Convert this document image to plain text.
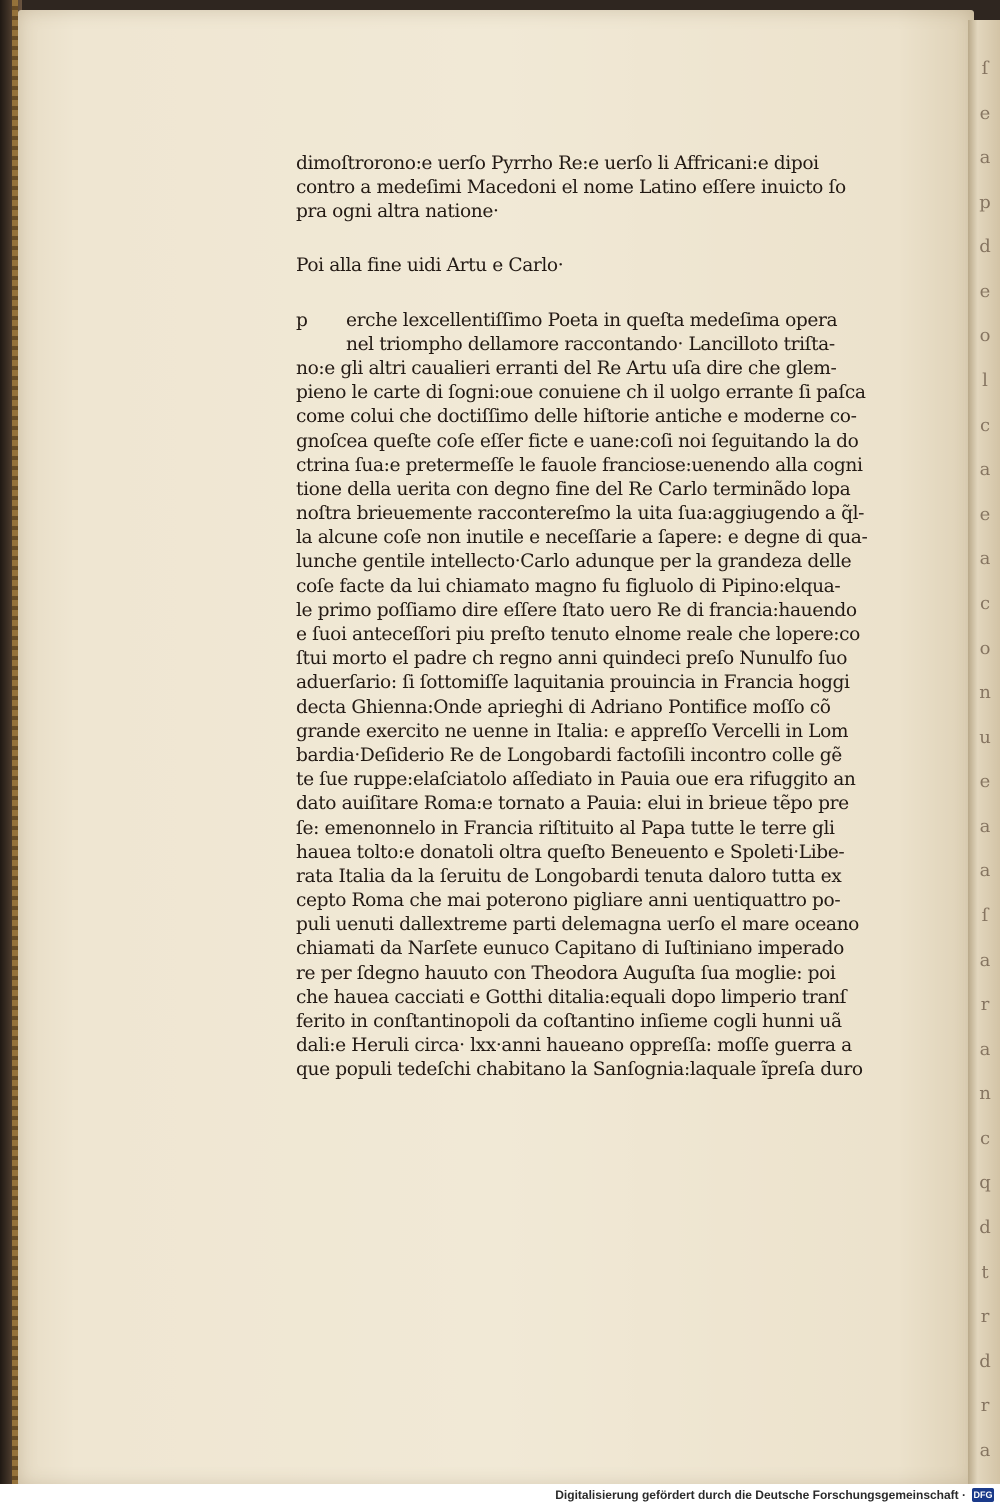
ſ
e
a
p
d
e
o
l
c
a
e
a
c
o
n
u
e
a
a
ſ
a
r
a
n
c
q
d
t
r
d
r
a
dimoſtrorono:e uerſo Pyrrho Re:e uerſo li Affricani:e dipoi
contro a medeſimi Macedoni el nome Latino eſſere inuicto ſo
pra ogni altra natione·
Poi alla fine uidi Artu e Carlo·
p erche lexcellentiſſimo Poeta in queſta medeſima opera
nel triompho dellamore raccontando· Lancilloto triſta-
no:e gli altri caualieri erranti del Re Artu uſa dire che glem-
pieno le carte di ſogni:oue conuiene ch il uolgo errante ſi paſca
come colui che doctiſſimo delle hiſtorie antiche e moderne co-
gnoſcea queſte coſe eſſer ficte e uane:coſi noi ſeguitando la do
ctrina ſua:e pretermeſſe le fauole franciose:uenendo alla cogni
tione della uerita con degno fine del Re Carlo terminãdo lopa
noſtra brieuemente raccontereſmo la uita ſua:aggiugendo a q̃l-
la alcune coſe non inutile e neceſſarie a ſapere: e degne di qua-
lunche gentile intellecto·Carlo adunque per la grandeza delle
coſe facte da lui chiamato magno fu figluolo di Pipino:elqua-
le primo poſſiamo dire eſſere ſtato uero Re di francia:hauendo
e ſuoi anteceſſori piu preſto tenuto elnome reale che lopere:co
ſtui morto el padre ch regno anni quindeci preſo Nunulfo ſuo
aduerſario: ſi ſottomiſſe laquitania prouincia in Francia hoggi
decta Ghienna:Onde aprieghi di Adriano Pontifice moſſo cõ
grande exercito ne uenne in Italia: e appreſſo Vercelli in Lom
bardia·Deſiderio Re de Longobardi factoſili incontro colle gẽ
te ſue ruppe:elaſciatolo aſſediato in Pauia oue era rifuggito an
dato auiſitare Roma:e tornato a Pauia: elui in brieue tẽpo pre
ſe: emenonnelo in Francia riſtituito al Papa tutte le terre gli
hauea tolto:e donatoli oltra queſto Beneuento e Spoleti·Libe-
rata Italia da la ſeruitu de Longobardi tenuta daloro tutta ex
cepto Roma che mai poterono pigliare anni uentiquattro po-
puli uenuti dallextreme parti delemagna uerſo el mare oceano
chiamati da Narſete eunuco Capitano di Iuſtiniano imperado
re per ſdegno hauuto con Theodora Auguſta ſua moglie: poi
che hauea cacciati e Gotthi ditalia:equali dopo limperio tranſ
ferito in conſtantinopoli da coſtantino inſieme cogli hunni uã
dali:e Heruli circa· lxx·anni haueano oppreſſa: moſſe guerra a
que populi tedeſchi chabitano la Sanſognia:laquale ĩpreſa duro
Digitalisierung gefördert durch die Deutsche Forschungsgemeinschaft · DFG
